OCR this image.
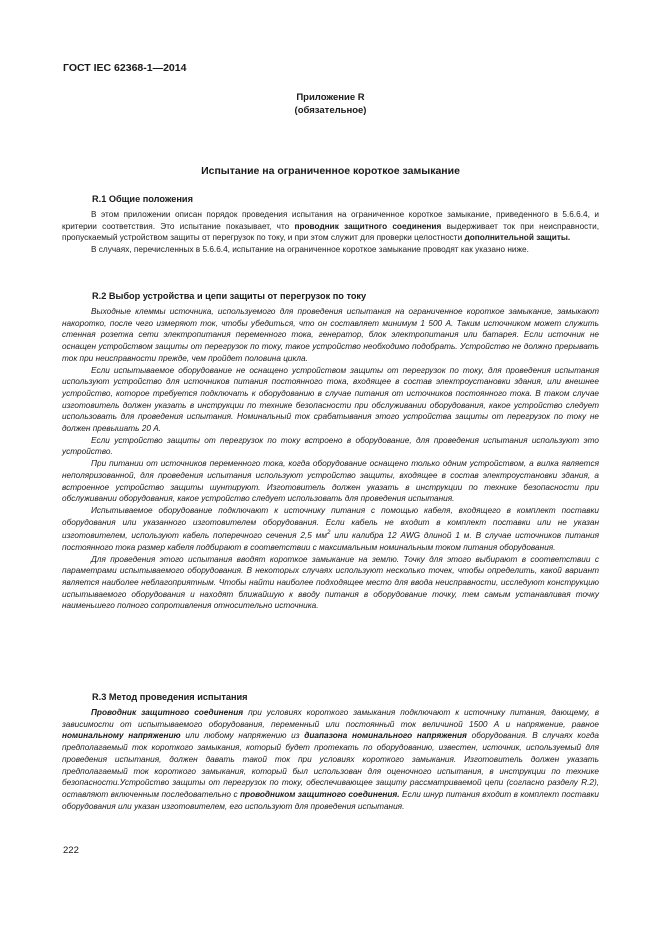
ГОСТ IEC 62368-1—2014
Приложение R
(обязательное)
Испытание на ограниченное короткое замыкание
R.1 Общие положения

В этом приложении описан порядок проведения испытания на ограниченное короткое замыкание, приведенного в 5.6.6.4, и критерии соответствия. Это испытание показывает, что проводник защитного соединения выдерживает ток при неисправности, пропускаемый устройством защиты от перегрузок по току, и при этом служит для проверки целостности дополнительной защиты.

В случаях, перечисленных в 5.6.6.4, испытание на ограниченное короткое замыкание проводят как указано ниже.

R.2 Выбор устройства и цепи защиты от перегрузок по току

Выходные клеммы источника, используемого для проведения испытания на ограниченное короткое замыкание, замыкают накоротко, после чего измеряют ток, чтобы убедиться, что он составляет минимум 1 500 А. Таким источником может служить стенная розетка сети электропитания переменного тока, генератор, блок электропитания или батарея. Если источник не оснащен устройством защиты от перегрузок по току, такое устройство необходимо подобрать. Устройство не должно прерывать ток при неисправности прежде, чем пройдет половина цикла.

Если испытываемое оборудование не оснащено устройством защиты от перегрузок по току, для проведения испытания используют устройство для источников питания постоянного тока, входящее в состав электроустановки здания, или внешнее устройство, которое требуется подключать к оборудованию в случае питания от источников постоянного тока. В таком случае изготовитель должен указать в инструкции по технике безопасности при обслуживании оборудования, какое устройство следует использовать для проведения испытания. Номинальный ток срабатывания этого устройства защиты от перегрузок по току не должен превышать 20 А.

Если устройство защиты от перегрузок по току встроено в оборудование, для проведения испытания используют это устройство.

При питании от источников переменного тока, когда оборудование оснащено только одним устройством, а вилка является неполяризованной, для проведения испытания используют устройство защиты, входящее в состав электроустановки здания, а встроенное устройство защиты шунтируют. Изготовитель должен указать в инструкции по технике безопасности при обслуживании оборудования, какое устройство следует использовать для проведения испытания.

Испытываемое оборудование подключают к источнику питания с помощью кабеля, входящего в комплект поставки оборудования или указанного изготовителем оборудования. Если кабель не входит в комплект поставки или не указан изготовителем, используют кабель поперечного сечения 2,5 $мм^2$ или калибра 12 AWG длиной 1 м. В случае источников питания постоянного тока размер кабеля подбирают в соответствии с максимальным номинальным током питания оборудования.

Для проведения этого испытания вводят короткое замыкание на землю. Точку для этого выбирают в соответствии с параметрами испытываемого оборудования. В некоторых случаях используют несколько точек, чтобы определить, какой вариант является наиболее неблагоприятным. Чтобы найти наиболее подходящее место для ввода неисправности, исследуют конструкцию испытываемого оборудования и находят ближайшую к вводу питания в оборудование точку, тем самым устанавливая точку наименьшего полного сопротивления относительно источника.

R.3 Метод проведения испытания

Проводник защитного соединения при условиях короткого замыкания подключают к источнику питания, дающему, в зависимости от испытываемого оборудования, переменный или постоянный ток величиной 1500 А и напряжение, равное номинальному напряжению или любому напряжению из диапазона номинального напряжения оборудования. В случаях когда предполагаемый ток короткого замыкания, который будет протекать по оборудованию, известен, источник, используемый для проведения испытания, должен давать такой ток при условиях короткого замыкания. Изготовитель должен указать предполагаемый ток короткого замыкания, который был использован для оценочного испытания, в инструкции по технике безопасности.Устройство защиты от перегрузок по току, обеспечивающее защиту рассматриваемой цепи (согласно разделу R.2), оставляют включенным последовательно с проводником защитного соединения. Если шнур питания входит в комплект поставки оборудования или указан изготовителем, его используют для проведения испытания.

222
